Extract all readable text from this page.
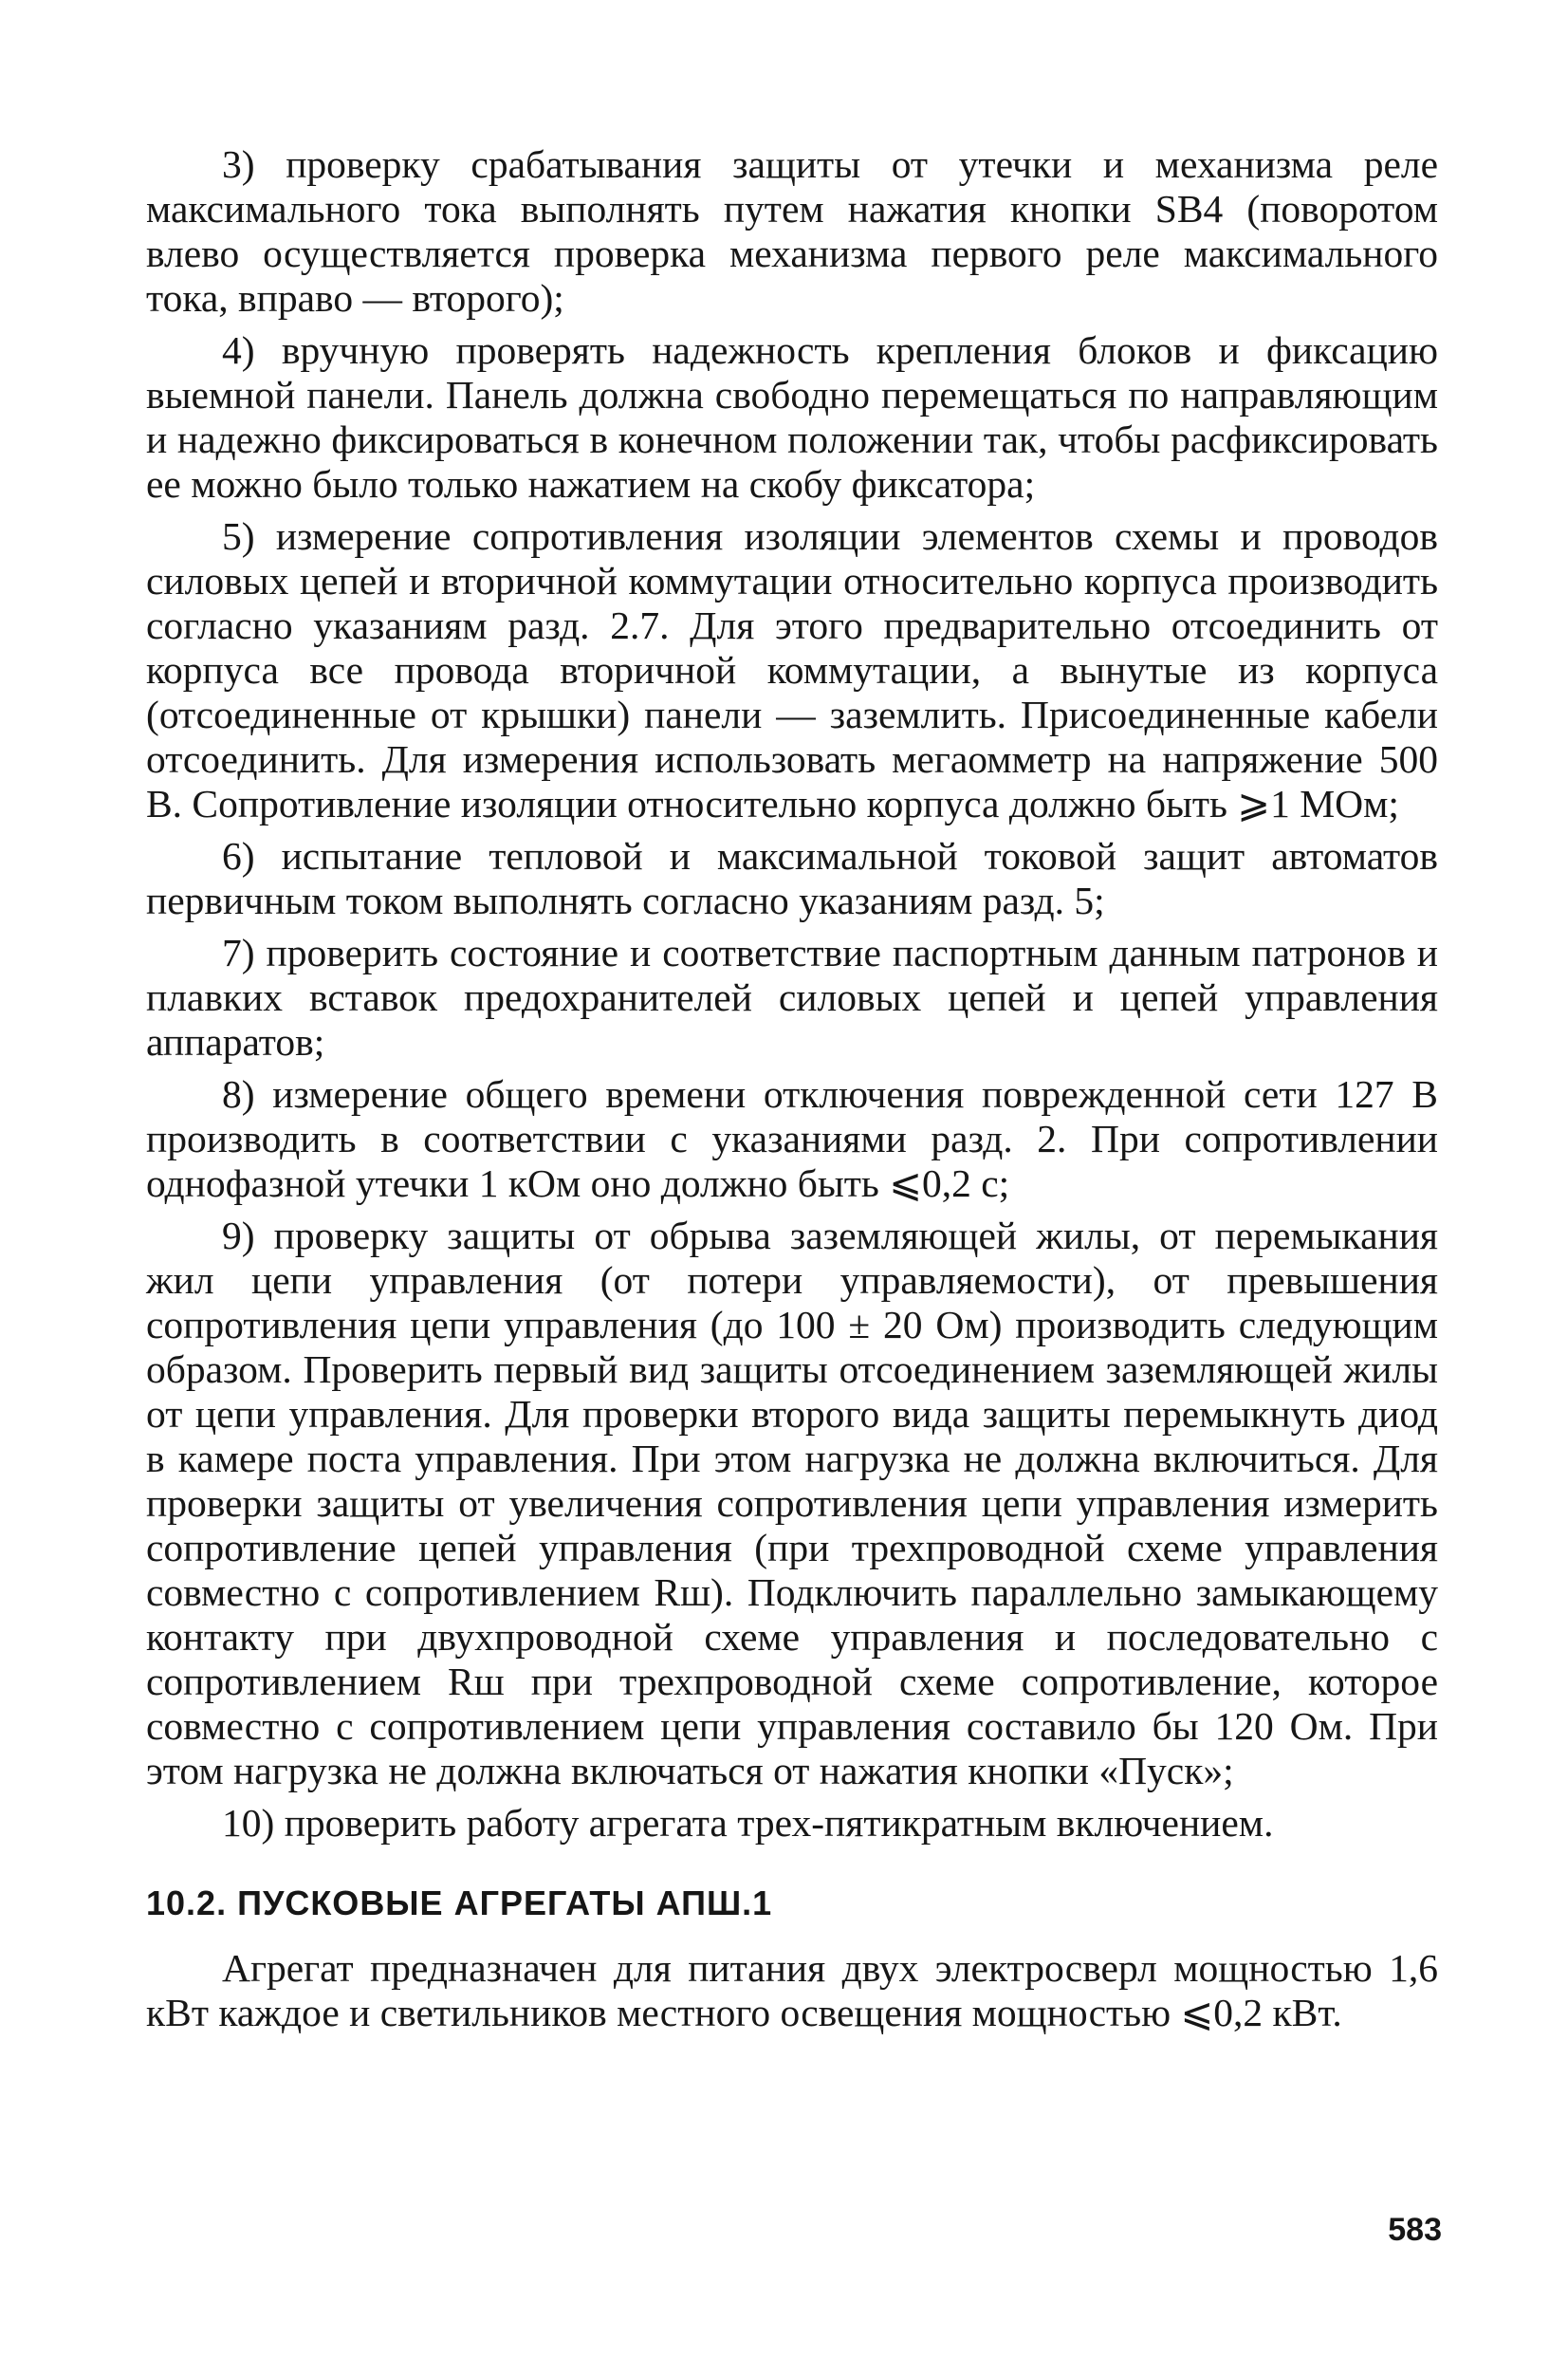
3) проверку срабатывания защиты от утечки и механизма реле максимального тока выполнять путем нажатия кнопки SB4 (поворотом влево осуществляется проверка механизма первого реле максимального тока, вправо — второго);

4) вручную проверять надежность крепления блоков и фиксацию выемной панели. Панель должна свободно перемещаться по направляющим и надежно фиксироваться в конечном положении так, чтобы расфиксировать ее можно было только нажатием на скобу фиксатора;

5) измерение сопротивления изоляции элементов схемы и проводов силовых цепей и вторичной коммутации относительно корпуса производить согласно указаниям разд. 2.7. Для этого предварительно отсоединить от корпуса все провода вторичной коммутации, а вынутые из корпуса (отсоединенные от крышки) панели — заземлить. Присоединенные кабели отсоединить. Для измерения использовать мегаомметр на напряжение 500 В. Сопротивление изоляции относительно корпуса должно быть ⩾1 МОм;

6) испытание тепловой и максимальной токовой защит автоматов первичным током выполнять согласно указаниям разд. 5;

7) проверить состояние и соответствие паспортным данным патронов и плавких вставок предохранителей силовых цепей и цепей управления аппаратов;

8) измерение общего времени отключения поврежденной сети 127 В производить в соответствии с указаниями разд. 2. При сопротивлении однофазной утечки 1 кОм оно должно быть ⩽0,2 с;

9) проверку защиты от обрыва заземляющей жилы, от перемыкания жил цепи управления (от потери управляемости), от превышения сопротивления цепи управления (до 100 ± 20 Ом) производить следующим образом. Проверить первый вид защиты отсоединением заземляющей жилы от цепи управления. Для проверки второго вида защиты перемыкнуть диод в камере поста управления. При этом нагрузка не должна включиться. Для проверки защиты от увеличения сопротивления цепи управления измерить сопротивление цепей управления (при трехпроводной схеме управления совместно с сопротивлением Rш). Подключить параллельно замыкающему контакту при двухпроводной схеме управления и последовательно с сопротивлением Rш при трехпроводной схеме сопротивление, которое совместно с сопротивлением цепи управления составило бы 120 Ом. При этом нагрузка не должна включаться от нажатия кнопки «Пуск»;

10) проверить работу агрегата трех-пятикратным включением.

10.2. ПУСКОВЫЕ АГРЕГАТЫ АПШ.1

Агрегат предназначен для питания двух электросверл мощностью 1,6 кВт каждое и светильников местного освещения мощностью ⩽0,2 кВт.

583
